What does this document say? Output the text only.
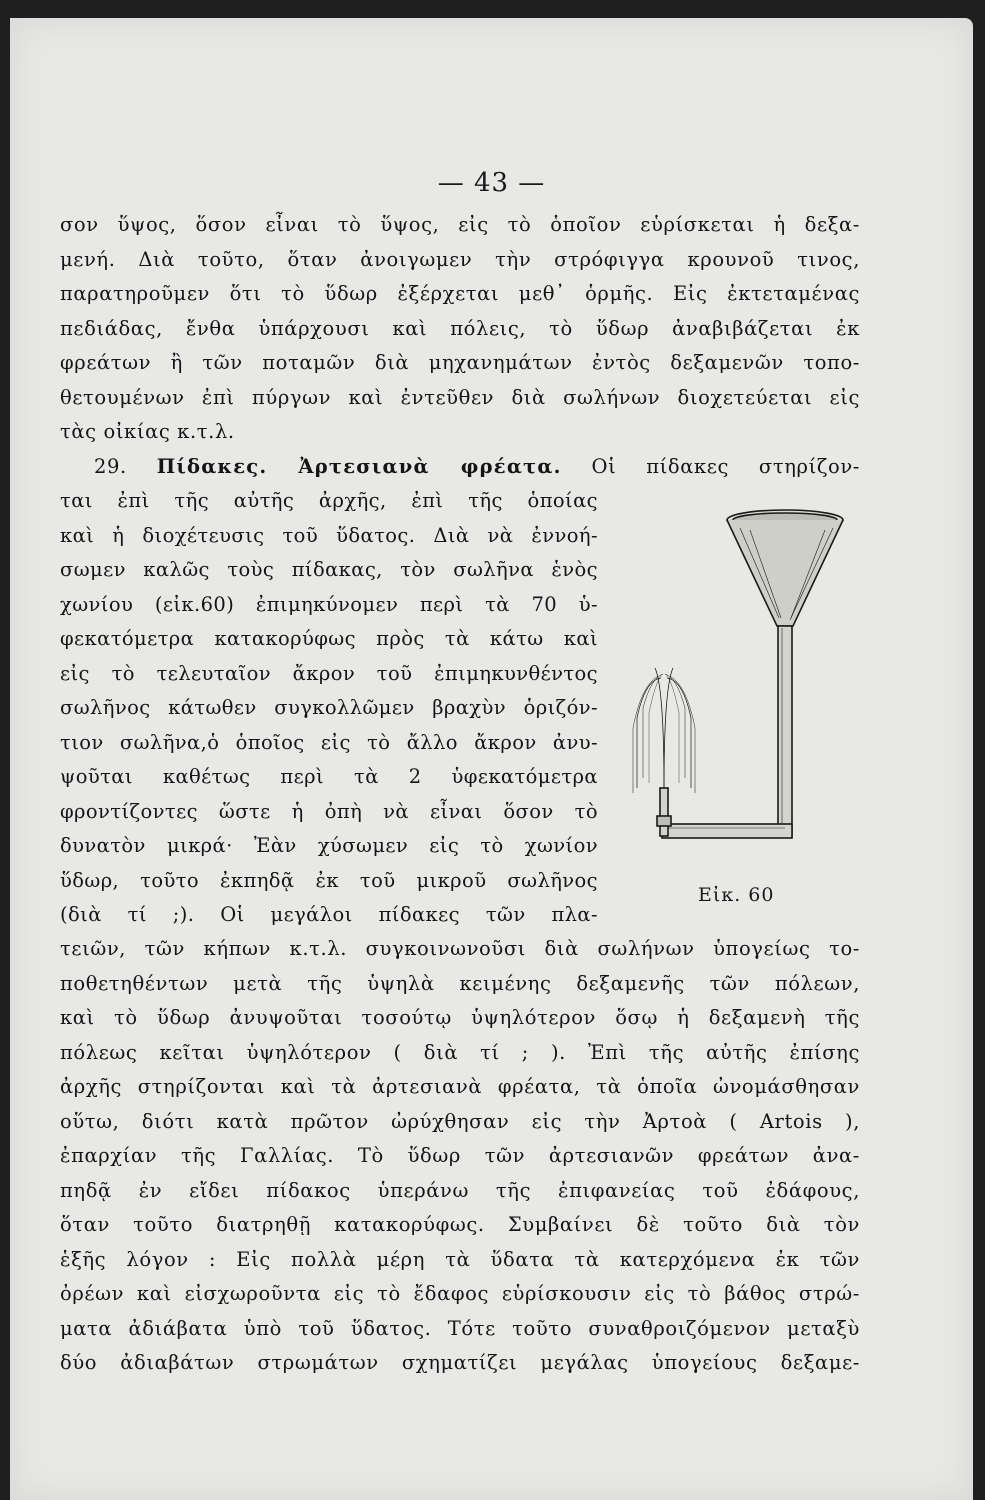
— 43 —
σον ὕψος, ὅσον εἶναι τὸ ὕψος, εἰς τὸ ὁποῖον εὑρίσκεται ἡ δεξα-
μενή. Διὰ τοῦτο, ὅταν ἀνοιγωμεν τὴν στρόφιγγα κρουνοῦ τινος,
παρατηροῦμεν ὅτι τὸ ὕδωρ ἐξέρχεται μεθ᾽ ὁρμῆς. Εἰς ἐκτεταμένας
πεδιάδας, ἔνθα ὑπάρχουσι καὶ πόλεις, τὸ ὕδωρ ἀναβιβάζεται ἐκ
φρεάτων ἢ τῶν ποταμῶν διὰ μηχανημάτων ἐντὸς δεξαμενῶν τοπο-
θετουμένων ἐπὶ πύργων καὶ ἐντεῦθεν διὰ σωλήνων διοχετεύεται εἰς
τὰς οἰκίας κ.τ.λ.
29. Πίδακες. Ἀρτεσιανὰ φρέατα. Οἱ πίδακες στηρίζον-
ται ἐπὶ τῆς αὐτῆς ἀρχῆς, ἐπὶ τῆς ὁποίας
καὶ ἡ διοχέτευσις τοῦ ὕδατος. Διὰ νὰ ἐννοή-
σωμεν καλῶς τοὺς πίδακας, τὸν σωλῆνα ἑνὸς
χωνίου (εἰκ.60) ἐπιμηκύνομεν περὶ τὰ 70 ὑ-
φεκατόμετρα κατακορύφως πρὸς τὰ κάτω καὶ
εἰς τὸ τελευταῖον ἄκρον τοῦ ἐπιμηκυνθέντος
σωλῆνος κάτωθεν συγκολλῶμεν βραχὺν ὁριζόν-
τιον σωλῆνα,ὁ ὁποῖος εἰς τὸ ἄλλο ἄκρον ἀνυ-
ψοῦται καθέτως περὶ τὰ 2 ὑφεκατόμετρα
φροντίζοντες ὥστε ἡ ὀπὴ νὰ εἶναι ὅσον τὸ
δυνατὸν μικρά· Ἐὰν χύσωμεν εἰς τὸ χωνίον
ὕδωρ, τοῦτο ἐκπηδᾷ ἐκ τοῦ μικροῦ σωλῆνος
(διὰ τί ;). Οἱ μεγάλοι πίδακες τῶν πλα-
Εἰκ. 60
τειῶν, τῶν κήπων κ.τ.λ. συγκοινωνοῦσι διὰ σωλήνων ὑπογείως το-
ποθετηθέντων μετὰ τῆς ὑψηλὰ κειμένης δεξαμενῆς τῶν πόλεων,
καὶ τὸ ὕδωρ ἀνυψοῦται τοσούτῳ ὑψηλότερον ὅσῳ ἡ δεξαμενὴ τῆς
πόλεως κεῖται ὑψηλότερον ( διὰ τί ; ). Ἐπὶ τῆς αὐτῆς ἐπίσης
ἀρχῆς στηρίζονται καὶ τὰ ἀρτεσιανὰ φρέατα, τὰ ὁποῖα ὠνομάσθησαν
οὕτω, διότι κατὰ πρῶτον ὠρύχθησαν εἰς τὴν Ἀρτοὰ ( Artois ),
ἐπαρχίαν τῆς Γαλλίας. Τὸ ὕδωρ τῶν ἀρτεσιανῶν φρεάτων ἀνα-
πηδᾷ ἐν εἴδει πίδακος ὑπεράνω τῆς ἐπιφανείας τοῦ ἐδάφους,
ὅταν τοῦτο διατρηθῇ κατακορύφως. Συμβαίνει δὲ τοῦτο διὰ τὸν
ἑξῆς λόγον : Εἰς πολλὰ μέρη τὰ ὕδατα τὰ κατερχόμενα ἐκ τῶν
ὀρέων καὶ εἰσχωροῦντα εἰς τὸ ἔδαφος εὑρίσκουσιν εἰς τὸ βάθος στρώ-
ματα ἀδιάβατα ὑπὸ τοῦ ὕδατος. Τότε τοῦτο συναθροιζόμενον μεταξὺ
δύο ἀδιαβάτων στρωμάτων σχηματίζει μεγάλας ὑπογείους δεξαμε-
